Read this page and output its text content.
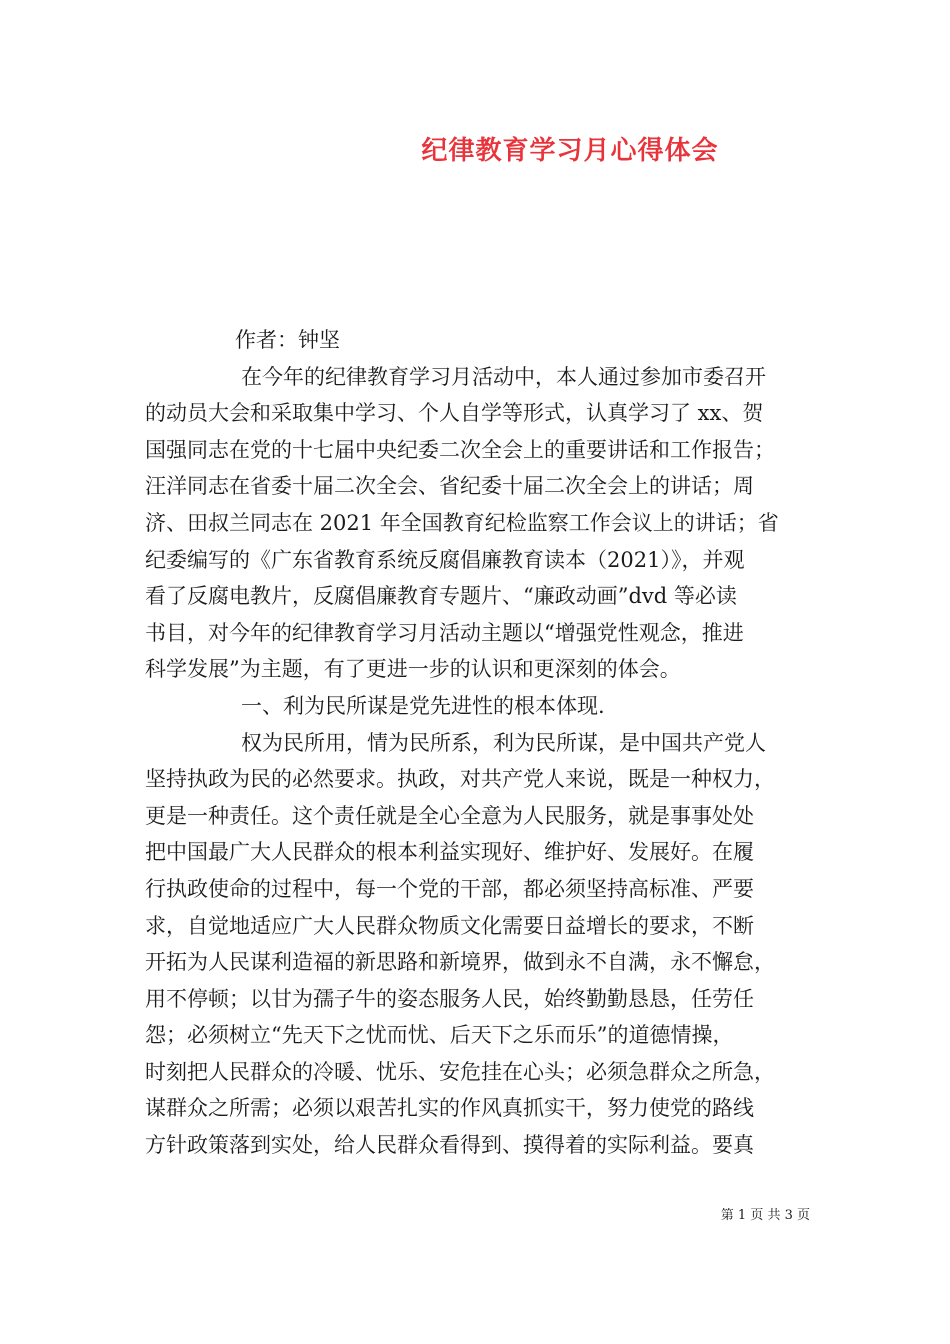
纪律教育学习月心得体会
作者：钟坚
在今年的纪律教育学习月活动中，本人通过参加市委召开
的动员大会和采取集中学习、个人自学等形式，认真学习了 xx、贺
国强同志在党的十七届中央纪委二次全会上的重要讲话和工作报告；
汪洋同志在省委十届二次全会、省纪委十届二次全会上的讲话；周
济、田叔兰同志在 2021 年全国教育纪检监察工作会议上的讲话；省
纪委编写的《广东省教育系统反腐倡廉教育读本（2021）》，并观
看了反腐电教片，反腐倡廉教育专题片、“廉政动画”dvd 等必读
书目，对今年的纪律教育学习月活动主题以“增强党性观念，推进
科学发展”为主题，有了更进一步的认识和更深刻的体会。
一、利为民所谋是党先进性的根本体现.
权为民所用，情为民所系，利为民所谋，是中国共产党人
坚持执政为民的必然要求。执政，对共产党人来说，既是一种权力，
更是一种责任。这个责任就是全心全意为人民服务，就是事事处处
把中国最广大人民群众的根本利益实现好、维护好、发展好。在履
行执政使命的过程中，每一个党的干部，都必须坚持高标准、严要
求，自觉地适应广大人民群众物质文化需要日益增长的要求，不断
开拓为人民谋利造福的新思路和新境界，做到永不自满，永不懈怠，
用不停顿；以甘为孺子牛的姿态服务人民，始终勤勤恳恳，任劳任
怨；必须树立“先天下之忧而忧、后天下之乐而乐”的道德情操，
时刻把人民群众的冷暖、忧乐、安危挂在心头；必须急群众之所急，
谋群众之所需；必须以艰苦扎实的作风真抓实干，努力使党的路线
方针政策落到实处，给人民群众看得到、摸得着的实际利益。要真
第 1 页 共 3 页
